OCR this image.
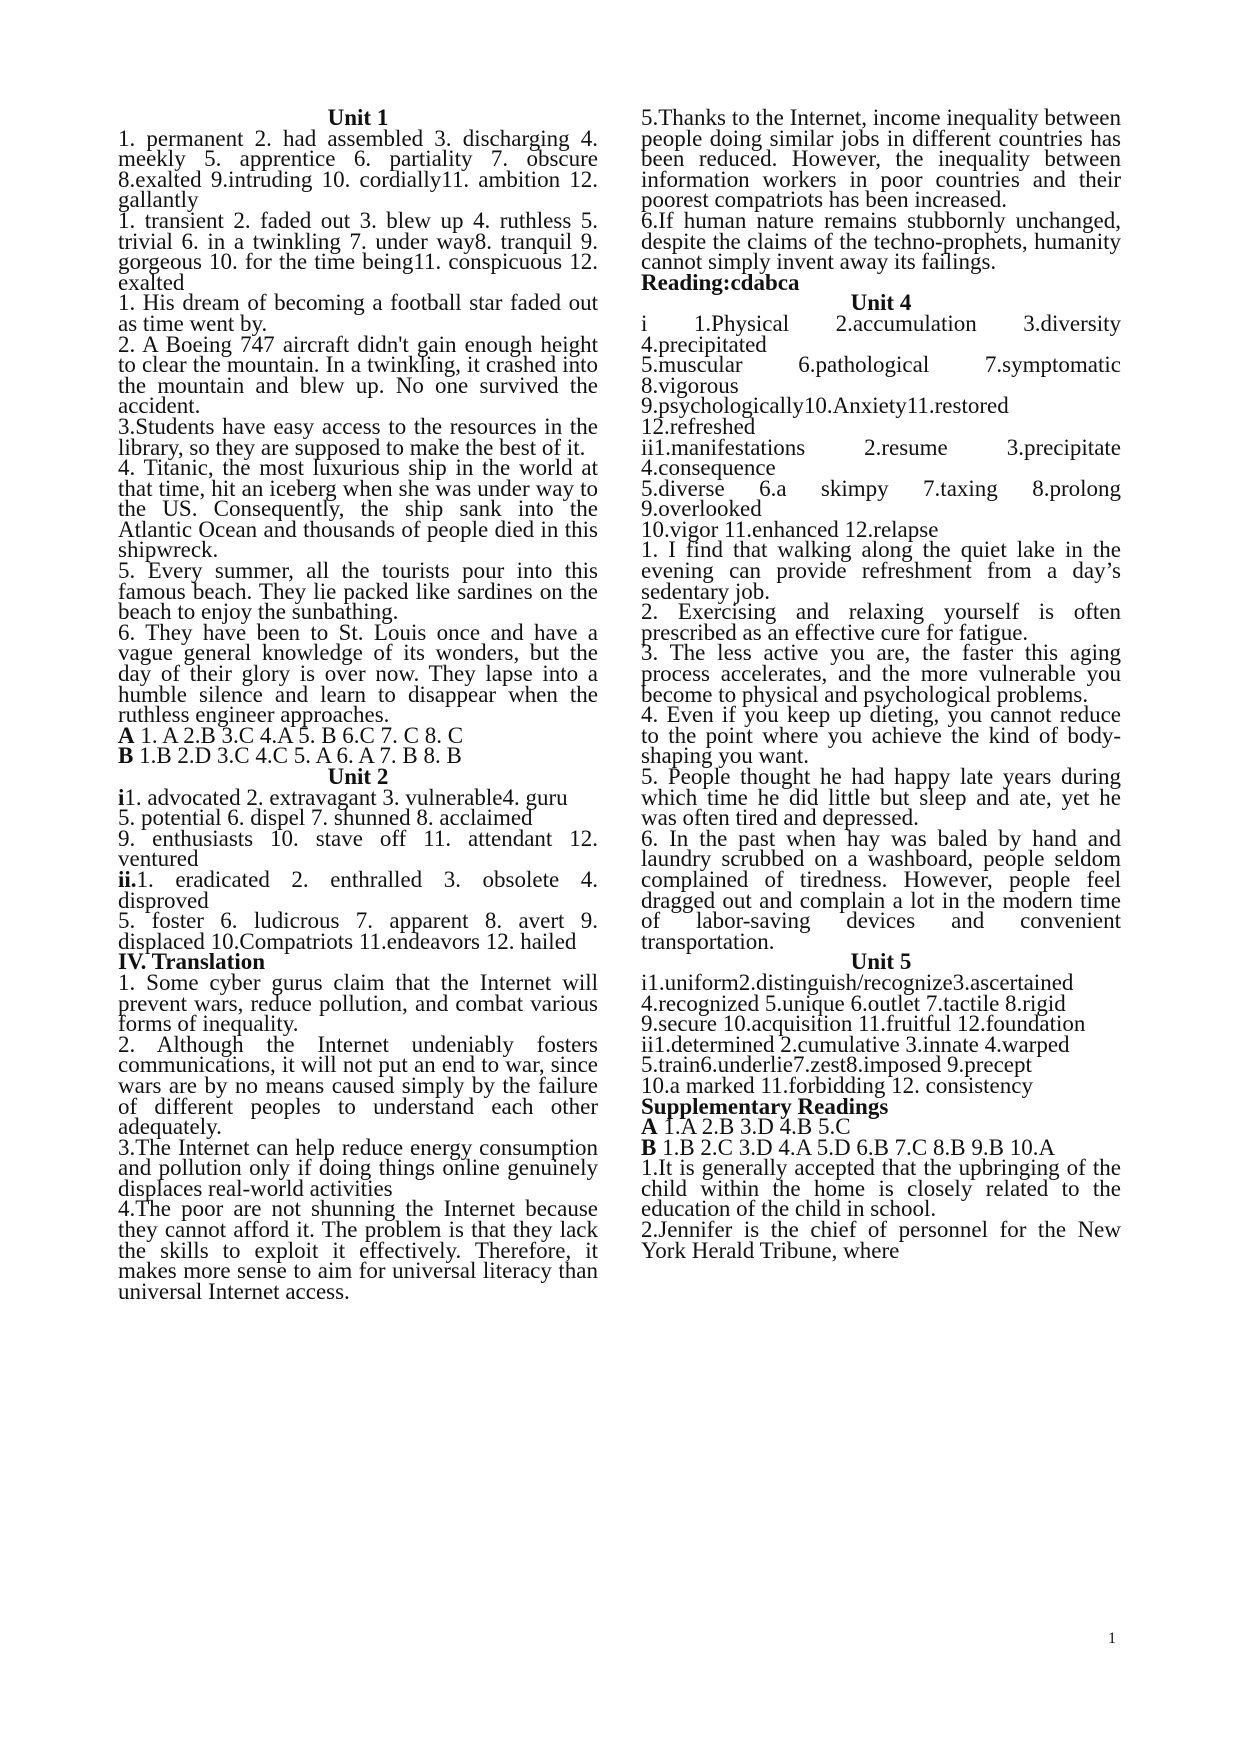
Unit 1
1. permanent 2. had assembled 3. discharging 4. meekly 5. apprentice 6. partiality 7. obscure 8.exalted 9.intruding 10. cordially11. ambition 12. gallantly
1. transient 2. faded out 3. blew up 4. ruthless 5. trivial 6. in a twinkling 7. under way8. tranquil 9. gorgeous 10. for the time being11. conspicuous 12. exalted
1. His dream of becoming a football star faded out as time went by.
2. A Boeing 747 aircraft didn't gain enough height to clear the mountain. In a twinkling, it crashed into the mountain and blew up. No one survived the accident.
3.Students have easy access to the resources in the library, so they are supposed to make the best of it.
4. Titanic, the most luxurious ship in the world at that time, hit an iceberg when she was under way to the US. Consequently, the ship sank into the Atlantic Ocean and thousands of people died in this shipwreck.
5. Every summer, all the tourists pour into this famous beach. They lie packed like sardines on the beach to enjoy the sunbathing.
6. They have been to St. Louis once and have a vague general knowledge of its wonders, but the day of their glory is over now. They lapse into a humble silence and learn to disappear when the ruthless engineer approaches.
A 1. A 2.B 3.C 4.A 5. B 6.C 7. C 8. C
B 1.B 2.D 3.C 4.C 5. A 6. A 7. B 8. B
Unit 2
i1. advocated 2. extravagant 3. vulnerable4. guru
5. potential 6. dispel 7. shunned 8. acclaimed
9. enthusiasts 10. stave off 11. attendant 12. ventured
ii.1. eradicated 2. enthralled 3. obsolete 4. disproved
5. foster 6. ludicrous 7. apparent 8. avert 9. displaced 10.Compatriots 11.endeavors 12. hailed
IV. Translation
1. Some cyber gurus claim that the Internet will prevent wars, reduce pollution, and combat various forms of inequality.
2. Although the Internet undeniably fosters communications, it will not put an end to war, since wars are by no means caused simply by the failure of different peoples to understand each other adequately.
3.The Internet can help reduce energy consumption and pollution only if doing things online genuinely displaces real-world activities
4.The poor are not shunning the Internet because they cannot afford it. The problem is that they lack the skills to exploit it effectively. Therefore, it makes more sense to aim for universal literacy than universal Internet access.
5.Thanks to the Internet, income inequality between people doing similar jobs in different countries has been reduced. However, the inequality between information workers in poor countries and their poorest compatriots has been increased.
6.If human nature remains stubbornly unchanged, despite the claims of the techno-prophets, humanity cannot simply invent away its failings.
Reading:cdabca
Unit 4
i 1.Physical 2.accumulation 3.diversity 4.precipitated
5.muscular 6.pathological 7.symptomatic 8.vigorous
9.psychologically10.Anxiety11.restored 12.refreshed
ii1.manifestations 2.resume 3.precipitate 4.consequence
5.diverse 6.a skimpy 7.taxing 8.prolong 9.overlooked
10.vigor 11.enhanced 12.relapse
1. I find that walking along the quiet lake in the evening can provide refreshment from a day’s sedentary job.
2. Exercising and relaxing yourself is often prescribed as an effective cure for fatigue.
3. The less active you are, the faster this aging process accelerates, and the more vulnerable you become to physical and psychological problems.
4. Even if you keep up dieting, you cannot reduce to the point where you achieve the kind of body-shaping you want.
5. People thought he had happy late years during which time he did little but sleep and ate, yet he was often tired and depressed.
6. In the past when hay was baled by hand and laundry scrubbed on a washboard, people seldom complained of tiredness. However, people feel dragged out and complain a lot in the modern time of labor-saving devices and convenient transportation.
Unit 5
i1.uniform2.distinguish/recognize3.ascertained
4.recognized 5.unique 6.outlet 7.tactile 8.rigid
9.secure 10.acquisition 11.fruitful 12.foundation
ii1.determined 2.cumulative 3.innate 4.warped
5.train6.underlie7.zest8.imposed 9.precept
10.a marked 11.forbidding 12. consistency
Supplementary Readings
A 1.A 2.B 3.D 4.B 5.C
B 1.B 2.C 3.D 4.A 5.D 6.B 7.C 8.B 9.B 10.A
1.It is generally accepted that the upbringing of the child within the home is closely related to the education of the child in school.
2.Jennifer is the chief of personnel for the New York Herald Tribune, where
1
